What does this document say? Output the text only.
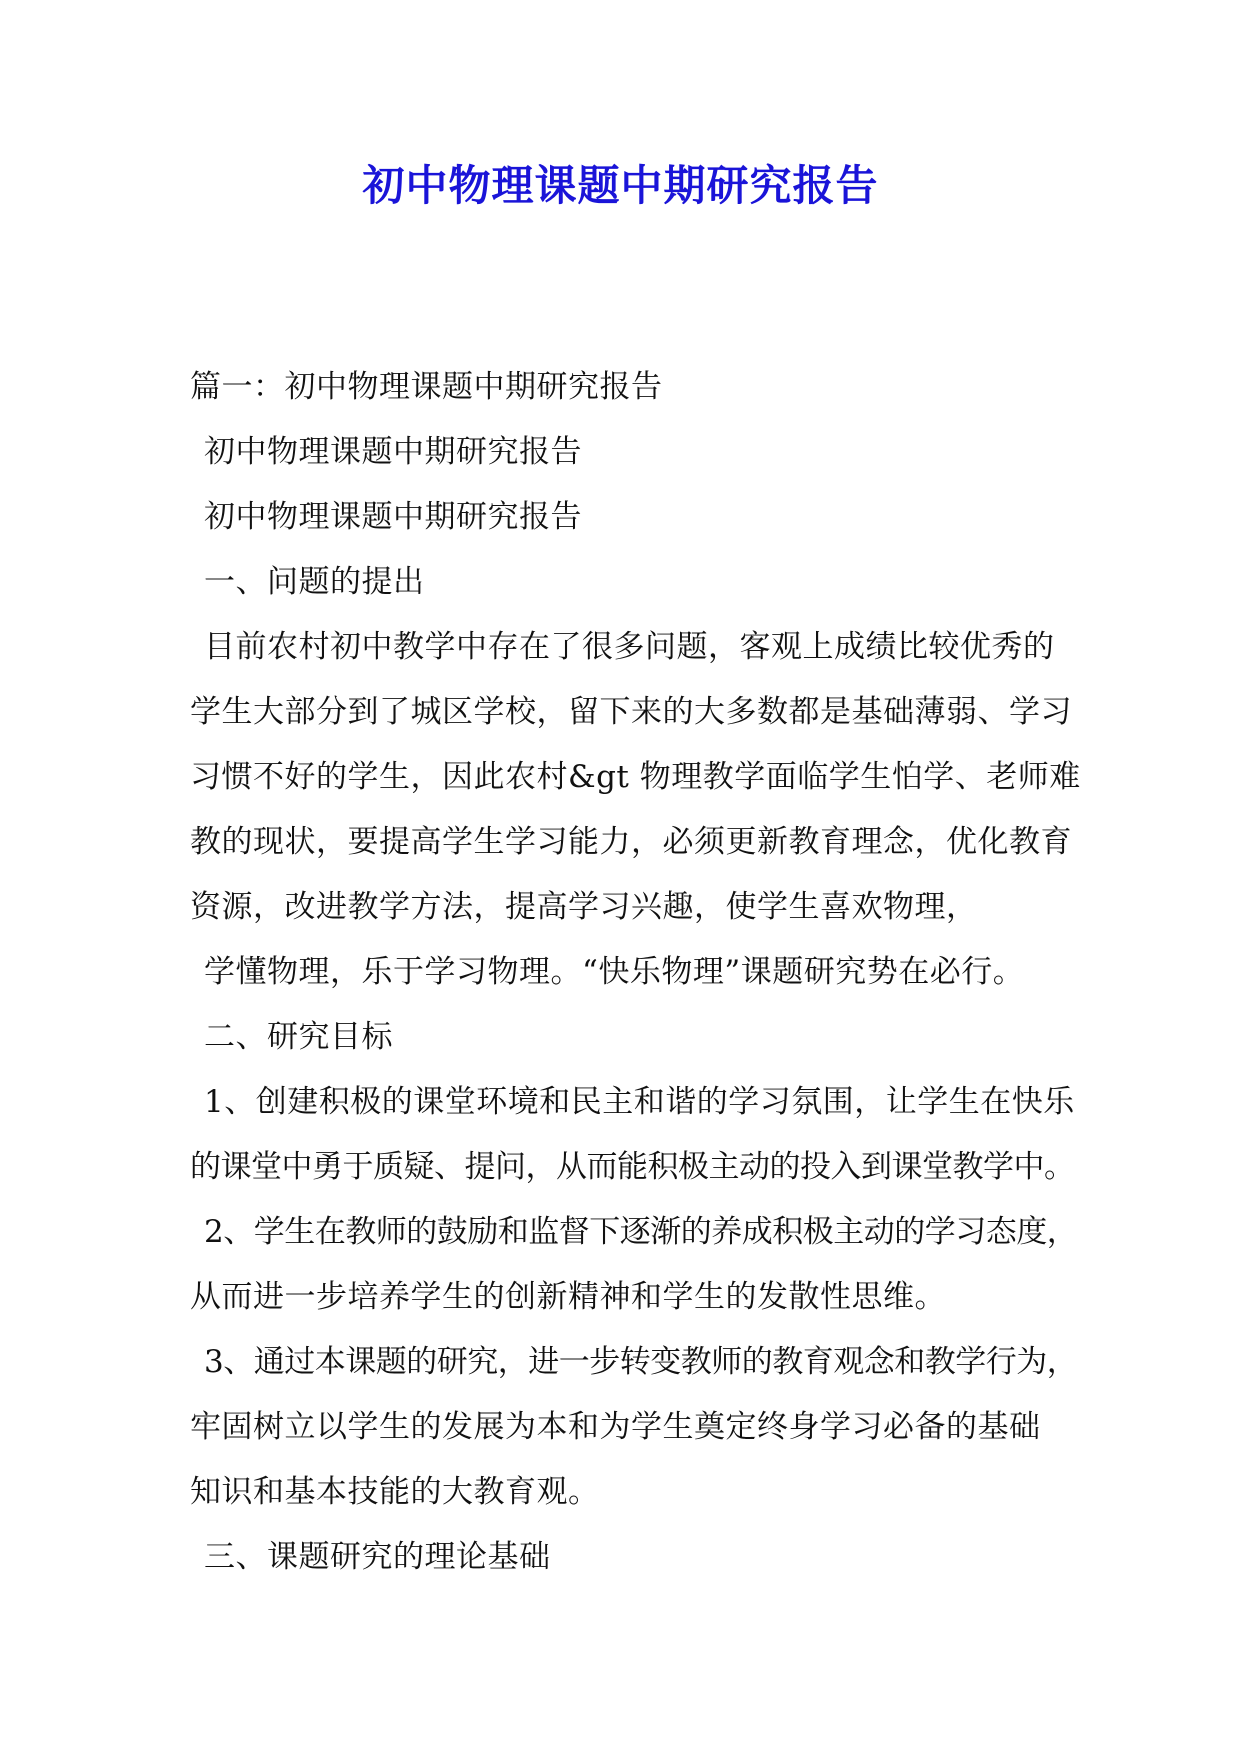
初中物理课题中期研究报告
篇一：初中物理课题中期研究报告
初中物理课题中期研究报告
初中物理课题中期研究报告
一、问题的提出
目前农村初中教学中存在了很多问题，客观上成绩比较优秀的
学生大部分到了城区学校，留下来的大多数都是基础薄弱、学习
习惯不好的学生，因此农村&gt 物理教学面临学生怕学、老师难
教的现状，要提高学生学习能力，必须更新教育理念，优化教育
资源，改进教学方法，提高学习兴趣，使学生喜欢物理，
学懂物理，乐于学习物理。“快乐物理”课题研究势在必行。
二、研究目标
1、创建积极的课堂环境和民主和谐的学习氛围，让学生在快乐
的课堂中勇于质疑、提问，从而能积极主动的投入到课堂教学中。
2、学生在教师的鼓励和监督下逐渐的养成积极主动的学习态度，
从而进一步培养学生的创新精神和学生的发散性思维。
3、通过本课题的研究，进一步转变教师的教育观念和教学行为，
牢固树立以学生的发展为本和为学生奠定终身学习必备的基础
知识和基本技能的大教育观。
三、课题研究的理论基础
